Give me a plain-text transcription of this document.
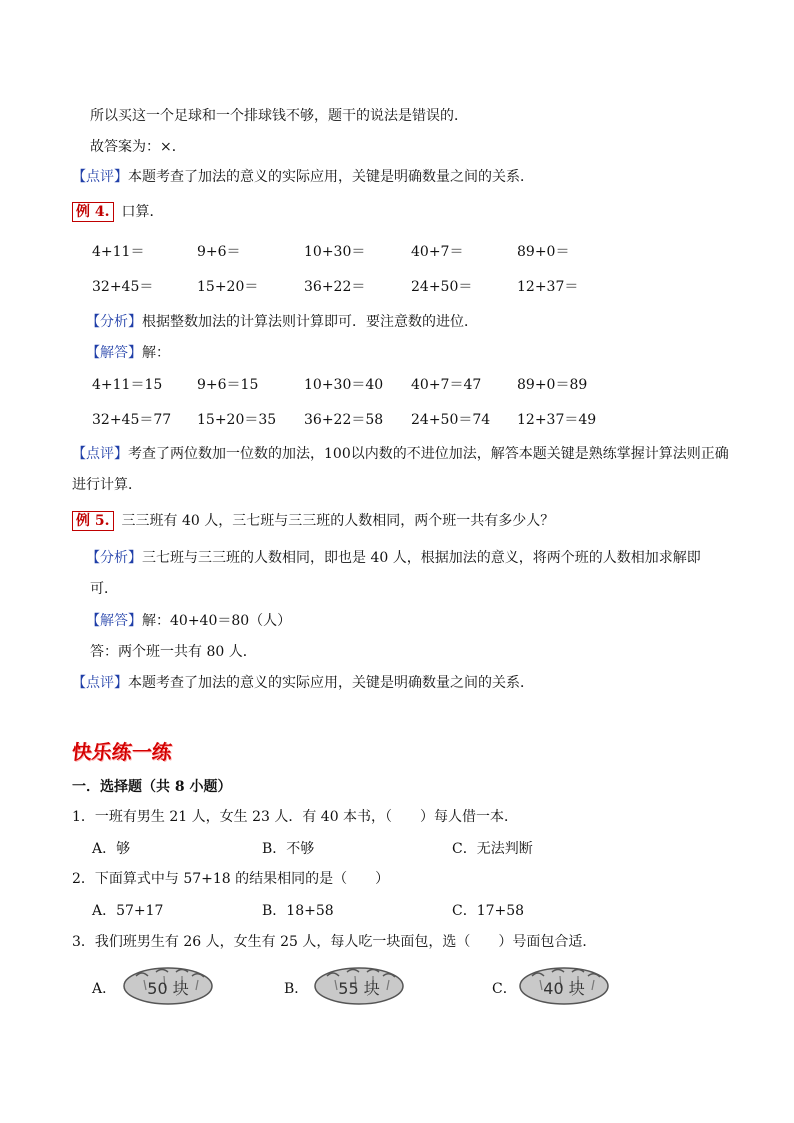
所以买这一个足球和一个排球钱不够，题干的说法是错误的．
故答案为：×．
【点评】本题考查了加法的意义的实际应用，关键是明确数量之间的关系．
例 4. 口算．
4+11＝	9+6＝	10+30＝	40+7＝	89+0＝
32+45＝	15+20＝	36+22＝	24+50＝	12+37＝
【分析】根据整数加法的计算法则计算即可．要注意数的进位．
【解答】解：
4+11＝15 9+6＝15	10+30＝40 40+7＝47	89+0＝89
32+45＝77 15+20＝35 36+22＝58 24+50＝74 12+37＝49
【点评】考查了两位数加一位数的加法，100以内数的不进位加法，解答本题关键是熟练掌握计算法则正确
进行计算．
例 5. 三三班有 40 人，三七班与三三班的人数相同，两个班一共有多少人？
【分析】三七班与三三班的人数相同，即也是 40 人，根据加法的意义，将两个班的人数相加求解即
可．
【解答】解：40+40＝80（人）
答：两个班一共有 80 人．
【点评】本题考查了加法的意义的实际应用，关键是明确数量之间的关系．
快乐练一练
一．选择题（共 8 小题）
1．一班有男生 21 人，女生 23 人．有 40 本书，（　　）每人借一本．
A．够	B．不够	C．无法判断
2．下面算式中与 57+18 的结果相同的是（　　）
A．57+17	B．18+58	C．17+58
3．我们班男生有 26 人，女生有 25 人，每人吃一块面包，选（　　）号面包合适．
A．	50 块	B．	55 块	C．	40 块
